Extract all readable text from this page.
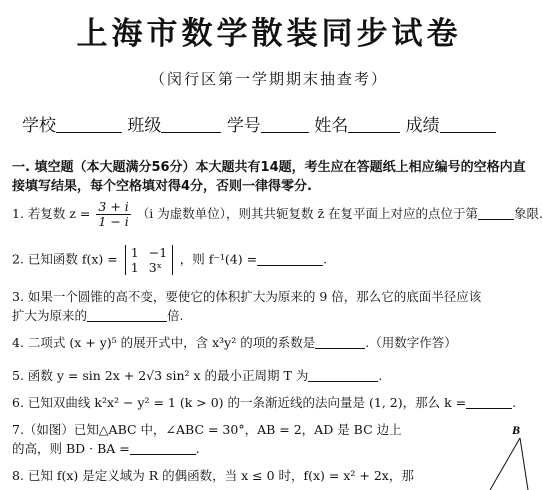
上海市数学散装同步试卷
（闵行区第一学期期末抽查考）
学校	班级	学号	姓名	成绩
一. 填空题（本大题满分56分）本大题共有14题，考生应在答题纸上相应编号的空格内直接填写结果，每个空格填对得4分，否则一律得零分.
1. 若复数 $z = \frac{3 + i}{1 - i} (i$ 为虚数单位），则其共轭复数 z̄ 在复平面上对应的点位于第	象限.
2. 已知函数 f(x) = 1 −1
1 3ˣ
，则 f⁻¹(4) =	.
3. 如果一个圆锥的高不变，要使它的体积扩大为原来的 9 倍，那么它的底面半径应该
扩大为原来的	倍.
4. 二项式 (x + y)⁵ 的展开式中，含 x³y² 的项的系数是	.（用数字作答）
5. 函数 y = sin 2x + 2√3 sin² x 的最小正周期 T 为	.
6. 已知双曲线 k²x² − y² = 1 (k > 0) 的一条渐近线的法向量是 (1, 2)，那么 k =	.
7.（如图）已知△ABC 中，∠ABC = 30°，AB = 2，AD 是 BC 边上
的高，则 BD · BA =	.
8. 已知 f(x) 是定义域为 R 的偶函数，当 x ≤ 0 时，f(x) = x² + 2x，那
B
